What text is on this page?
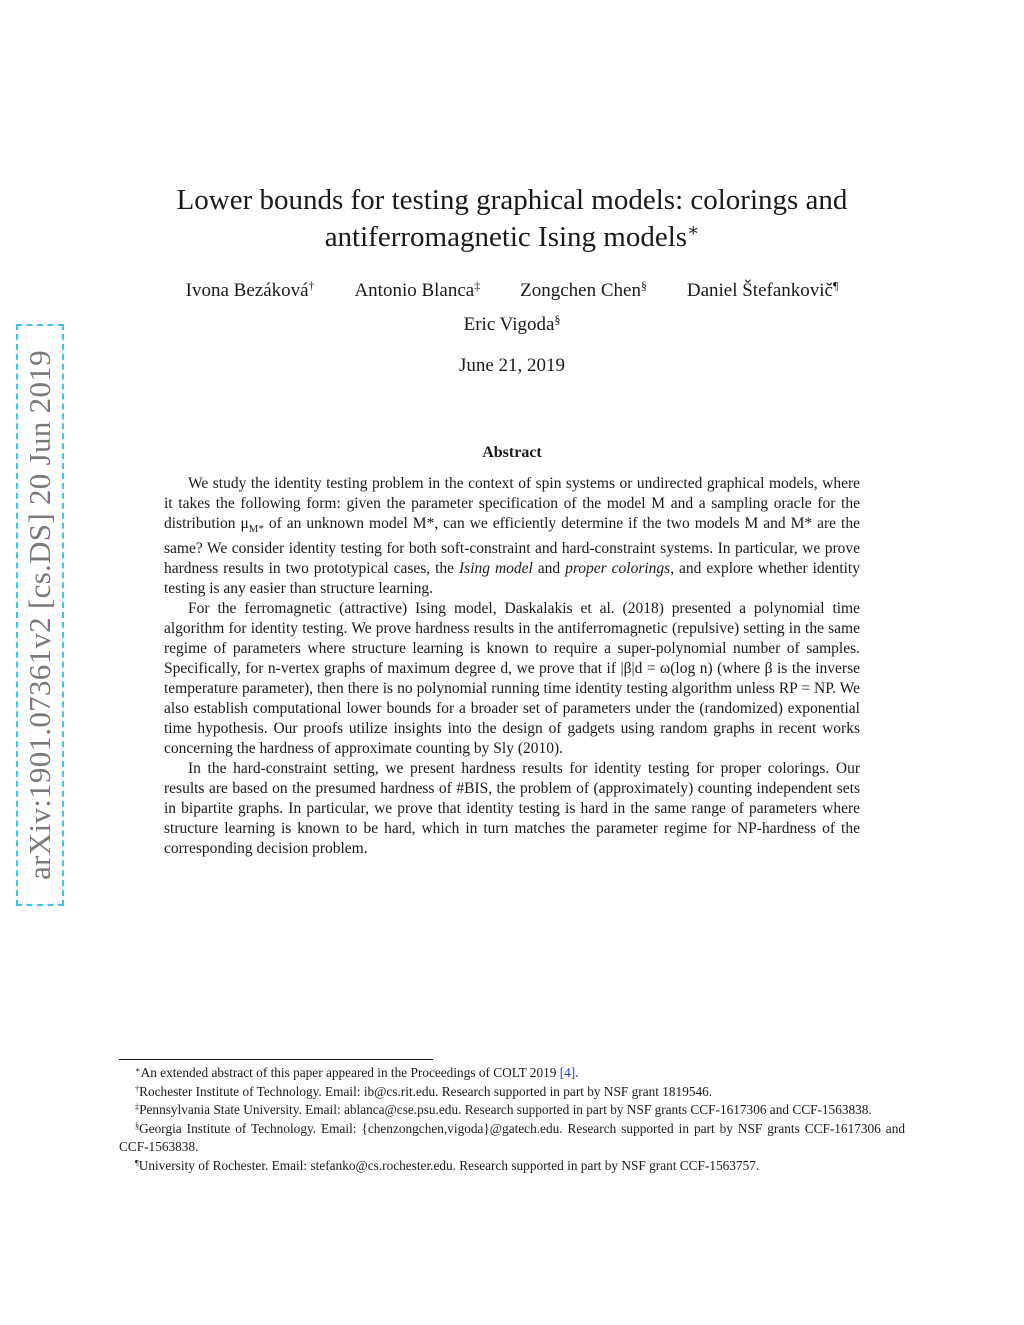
arXiv:1901.07361v2 [cs.DS] 20 Jun 2019
Lower bounds for testing graphical models: colorings and
antiferromagnetic Ising models∗
Ivona Bezáková† Antonio Blanca‡ Zongchen Chen§ Daniel Štefankovič¶
Eric Vigoda§
June 21, 2019
Abstract

We study the identity testing problem in the context of spin systems or undirected graphical models, where it takes the following form: given the parameter specification of the model M and a sampling oracle for the distribution $\mu_{M*}$ of an unknown model M*, can we efficiently determine if the two models M and M* are the same? We consider identity testing for both soft-constraint and hard-constraint systems. In particular, we prove hardness results in two prototypical cases, the Ising model and proper colorings, and explore whether identity testing is any easier than structure learning.

For the ferromagnetic (attractive) Ising model, Daskalakis et al. (2018) presented a polynomial time algorithm for identity testing. We prove hardness results in the antiferromagnetic (repulsive) setting in the same regime of parameters where structure learning is known to require a super-polynomial number of samples. Specifically, for n-vertex graphs of maximum degree d, we prove that if |β|d = ω(log n) (where β is the inverse temperature parameter), then there is no polynomial running time identity testing algorithm unless RP = NP. We also establish computational lower bounds for a broader set of parameters under the (randomized) exponential time hypothesis. Our proofs utilize insights into the design of gadgets using random graphs in recent works concerning the hardness of approximate counting by Sly (2010).

In the hard-constraint setting, we present hardness results for identity testing for proper colorings. Our results are based on the presumed hardness of #BIS, the problem of (approximately) counting independent sets in bipartite graphs. In particular, we prove that identity testing is hard in the same range of parameters where structure learning is known to be hard, which in turn matches the parameter regime for NP-hardness of the corresponding decision problem.

∗An extended abstract of this paper appeared in the Proceedings of COLT 2019 [4].

†Rochester Institute of Technology. Email: ib@cs.rit.edu. Research supported in part by NSF grant 1819546.

‡Pennsylvania State University. Email: ablanca@cse.psu.edu. Research supported in part by NSF grants CCF-1617306 and CCF-1563838.

§Georgia Institute of Technology. Email: {chenzongchen,vigoda}@gatech.edu. Research supported in part by NSF grants CCF-1617306 and CCF-1563838.

¶University of Rochester. Email: stefanko@cs.rochester.edu. Research supported in part by NSF grant CCF-1563757.
